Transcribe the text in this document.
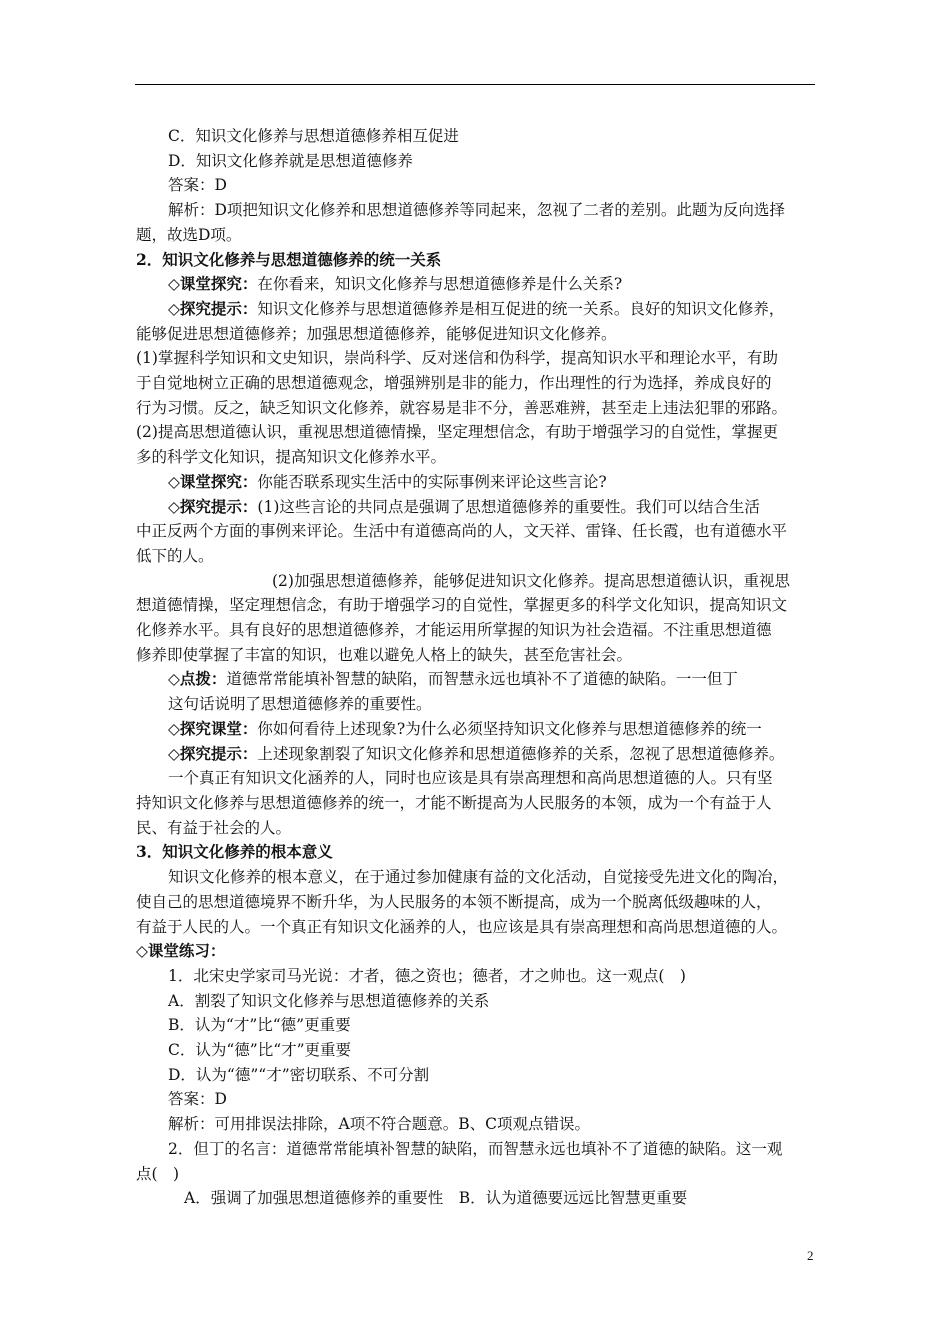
C．知识文化修养与思想道德修养相互促进

D．知识文化修养就是思想道德修养

答案：D

解析：D项把知识文化修养和思想道德修养等同起来，忽视了二者的差别。此题为反向选择

题，故选D项。

2．知识文化修养与思想道德修养的统一关系

◇课堂探究：在你看来，知识文化修养与思想道德修养是什么关系?

◇探究提示：知识文化修养与思想道德修养是相互促进的统一关系。良好的知识文化修养，

能够促进思想道德修养；加强思想道德修养，能够促进知识文化修养。

(1)掌握科学知识和文史知识，崇尚科学、反对迷信和伪科学，提高知识水平和理论水平，有助

于自觉地树立正确的思想道德观念，增强辨别是非的能力，作出理性的行为选择，养成良好的

行为习惯。反之，缺乏知识文化修养，就容易是非不分，善恶难辨，甚至走上违法犯罪的邪路。

(2)提高思想道德认识，重视思想道德情操，坚定理想信念，有助于增强学习的自觉性，掌握更

多的科学文化知识，提高知识文化修养水平。

◇课堂探究：你能否联系现实生活中的实际事例来评论这些言论?

◇探究提示：(1)这些言论的共同点是强调了思想道德修养的重要性。我们可以结合生活

中正反两个方面的事例来评论。生活中有道德高尚的人，文天祥、雷锋、任长霞，也有道德水平

低下的人。

(2)加强思想道德修养，能够促进知识文化修养。提高思想道德认识，重视思

想道德情操，坚定理想信念，有助于增强学习的自觉性，掌握更多的科学文化知识，提高知识文

化修养水平。具有良好的思想道德修养，才能运用所掌握的知识为社会造福。不注重思想道德

修养即使掌握了丰富的知识，也难以避免人格上的缺失，甚至危害社会。

◇点拨：道德常常能填补智慧的缺陷，而智慧永远也填补不了道德的缺陷。一一但丁

这句话说明了思想道德修养的重要性。

◇探究课堂：你如何看待上述现象?为什么必须坚持知识文化修养与思想道德修养的统一

◇探究提示：上述现象割裂了知识文化修养和思想道德修养的关系，忽视了思想道德修养。

一个真正有知识文化涵养的人，同时也应该是具有崇高理想和高尚思想道德的人。只有坚

持知识文化修养与思想道德修养的统一，才能不断提高为人民服务的本领，成为一个有益于人

民、有益于社会的人。

3．知识文化修养的根本意义

知识文化修养的根本意义，在于通过参加健康有益的文化活动，自觉接受先进文化的陶冶，

使自己的思想道德境界不断升华，为人民服务的本领不断提高，成为一个脱离低级趣味的人，

有益于人民的人。一个真正有知识文化涵养的人，也应该是具有崇高理想和高尚思想道德的人。

◇课堂练习：

1．北宋史学家司马光说：才者，德之资也；德者，才之帅也。这一观点(　)

A．割裂了知识文化修养与思想道德修养的关系

B．认为“才”比“德”更重要

C．认为“德”比“才”更重要

D．认为“德”“才”密切联系、不可分割

答案：D

解析：可用排误法排除，A项不符合题意。B、C项观点错误。

2．但丁的名言：道德常常能填补智慧的缺陷，而智慧永远也填补不了道德的缺陷。这一观

点(　)

A．强调了加强思想道德修养的重要性　B．认为道德要远远比智慧更重要

2
